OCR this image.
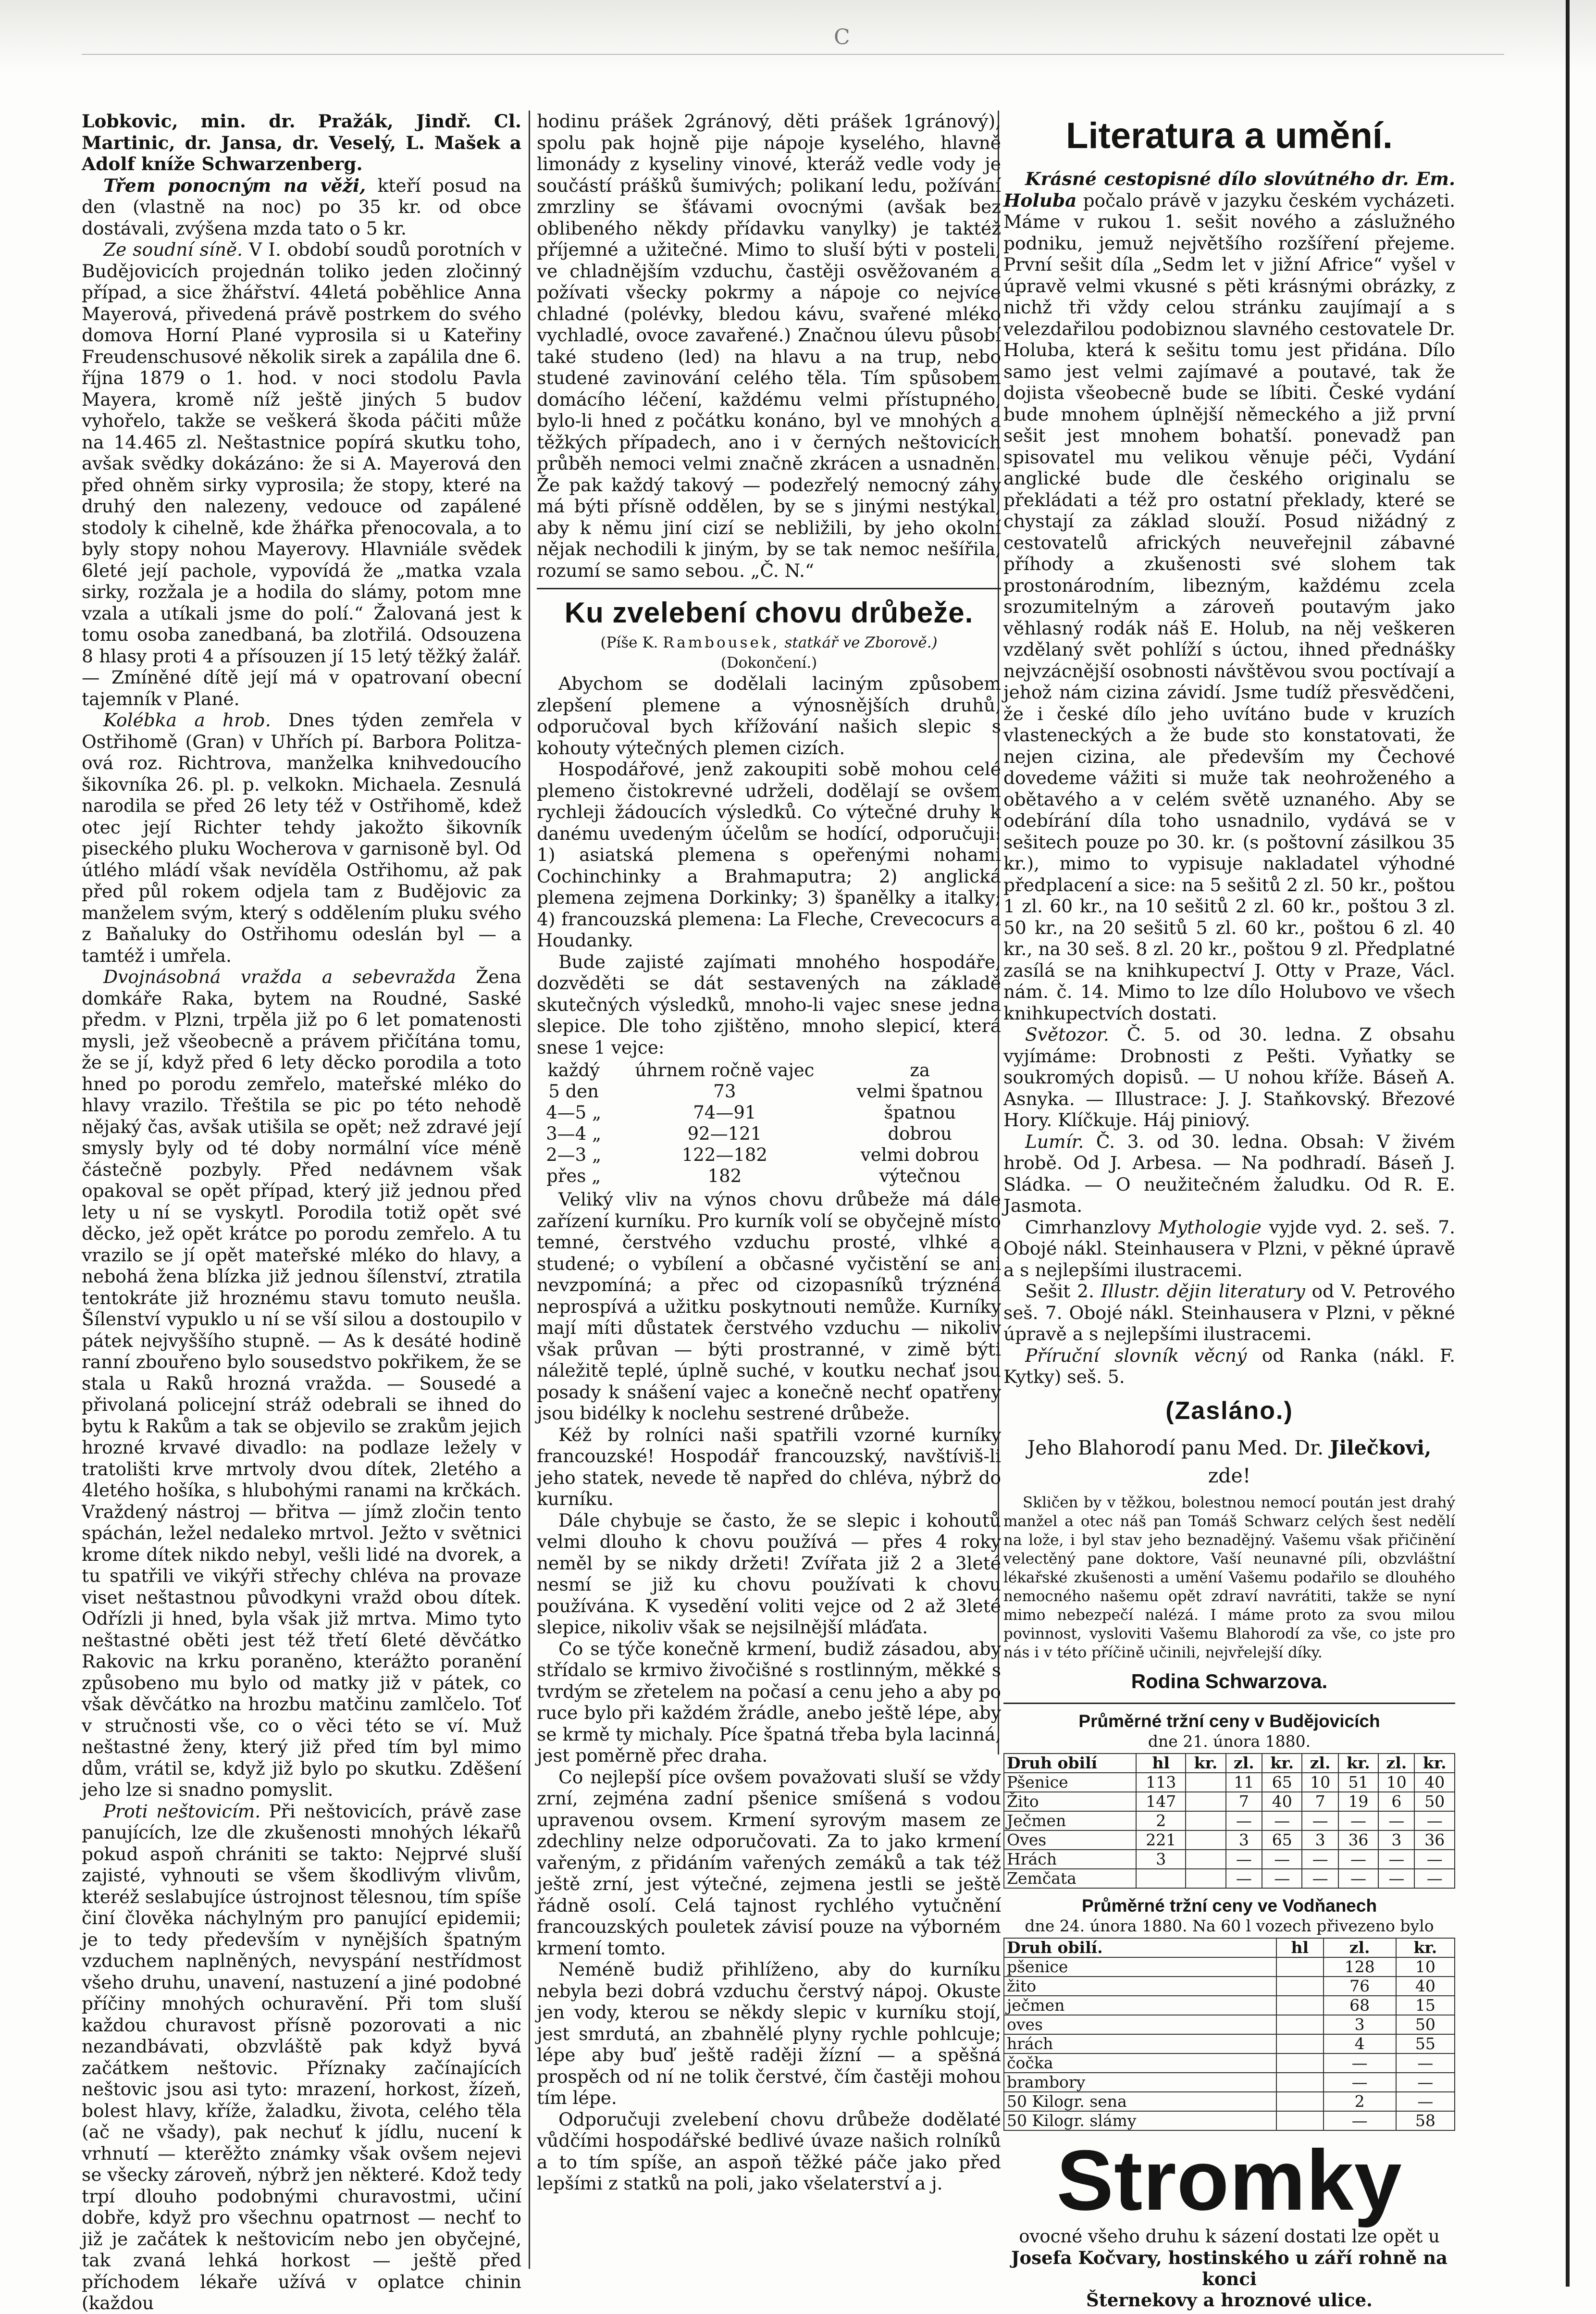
C

Lobkovic, min. dr. Pražák, Jindř. Cl. Martinic, dr. Jansa, dr. Veselý, L. Mašek a Adolf kníže Schwarzenberg.

Třem ponocným na věži, kteří posud na den (vlastně na noc) po 35 kr. od obce dostávali, zvýšena mzda tato o 5 kr.

Ze soudní síně. V I. období soudů porotních v Budějovicích projednán toliko jeden zločinný případ, a sice žhářství. 44letá poběhlice Anna Mayerová, přivedená právě postrkem do svého domova Horní Plané vyprosila si u Kateřiny Freudenschusové několik sirek a zapálila dne 6. října 1879 o 1. hod. v noci stodolu Pavla Mayera, kromě níž ještě jiných 5 budov vyhořelo, takže se veškerá škoda páčiti může na 14.465 zl. Neštastnice popírá skutku toho, avšak svědky dokázáno: že si A. Mayerová den před ohněm sirky vyprosila; že stopy, které na druhý den nalezeny, vedouce od zapálené stodoly k cihelně, kde žhářka přenocovala, a to byly stopy nohou Mayerovy. Hlavniále svědek 6leté její pachole, vypovídá že „matka vzala sirky, rozžala je a hodila do slámy, potom mne vzala a utíkali jsme do polí.“ Žalovaná jest k tomu osoba zanedbaná, ba zlotřilá. Odsouzena 8 hlasy proti 4 a přísouzen jí 15 letý těžký žalář. — Zmíněné dítě její má v opatrovaní obecní tajemník v Plané.

Kolébka a hrob. Dnes týden zemřela v Ostřihomě (Gran) v Uhřích pí. Barbora Politza-ová roz. Richtrova, manželka knihvedoucího šikovníka 26. pl. p. velkokn. Michaela. Zesnulá narodila se před 26 lety též v Ostřihomě, kdež otec její Richter tehdy jakožto šikovník piseckého pluku Wocherova v garnisoně byl. Od útlého mládí však nevíděla Ostřihomu, až pak před půl rokem odjela tam z Budějovic za manželem svým, který s oddělením pluku svého z Baňaluky do Ostřihomu odeslán byl — a tamtéž i umřela.

Dvojnásobná vražda a sebevražda Žena domkáře Raka, bytem na Roudné, Saské předm. v Plzni, trpěla již po 6 let pomatenosti mysli, jež všeobecně a právem přičítána tomu, že se jí, když před 6 lety děcko porodila a toto hned po porodu zemřelo, mateřské mléko do hlavy vrazilo. Třeštila se pic po této nehodě nějaký čas, avšak utišila se opět; než zdravé její smysly byly od té doby normální více méně částečně pozbyly. Před nedávnem však opakoval se opět případ, který již jednou před lety u ní se vyskytl. Porodila totiž opět své děcko, jež opět krátce po porodu zemřelo. A tu vrazilo se jí opět mateřské mléko do hlavy, a nebohá žena blízka již jednou šílenství, ztratila tentokráte již hroznému stavu tomuto neušla. Šílenství vypuklo u ní se vší silou a dostoupilo v pátek nejvyššího stupně. — As k desáté hodině ranní zbouřeno bylo sousedstvo pokřikem, že se stala u Raků hrozná vražda. — Sousedé a přivolaná policejní stráž odebrali se ihned do bytu k Rakům a tak se objevilo se zrakům jejich hrozné krvavé divadlo: na podlaze ležely v tratolišti krve mrtvoly dvou dítek, 2letého a 4letého hošíka, s hlubohými ranami na krčkách. Vraždený nástroj — břitva — jímž zločin tento spáchán, ležel nedaleko mrtvol. Ježto v světnici krome dítek nikdo nebyl, vešli lidé na dvorek, a tu spatřili ve vikýři střechy chléva na provaze viset neštastnou původkyni vražd obou dítek. Odřízli ji hned, byla však již mrtva. Mimo tyto neštastné oběti jest též třetí 6leté děvčátko Rakovic na krku poraněno, kterážto poranění způsobeno mu bylo od matky již v pátek, co však děvčátko na hrozbu matčinu zamlčelo. Toť v stručnosti vše, co o věci této se ví. Muž neštastné ženy, který již před tím byl mimo dům, vrátil se, když již bylo po skutku. Zděšení jeho lze si snadno pomyslit.

Proti neštovicím. Při neštovicích, právě zase panujících, lze dle zkušenosti mnohých lékařů pokud aspoň chrániti se takto: Nejprvé sluší zajisté, vyhnouti se všem škodlivým vlivům, kteréž seslabujíce ústrojnost tělesnou, tím spíše činí člověka náchylným pro panující epidemii; je to tedy především v nynějších špatným vzduchem naplněných, nevyspání nestřídmost všeho druhu, unavení, nastuzení a jiné podobné příčiny mnohých ochuravění. Při tom sluší každou churavost přísně pozorovati a nic nezandbávati, obzvláště pak když byvá začátkem neštovic. Příznaky začínajících neštovic jsou asi tyto: mrazení, horkost, žízeň, bolest hlavy, kříže, žaladku, života, celého těla (ač ne všady), pak nechuť k jídlu, nucení k vrhnutí — kterěžto známky však ovšem nejevi se všecky zároveň, nýbrž jen některé. Kdož tedy trpí dlouho podobnými churavostmi, učiní dobře, když pro všechnu opatrnost — nechť to již je začátek k neštovicím nebo jen obyčejné, tak zvaná lehká horkost — ještě před příchodem lékaře užívá v oplatce chinin (každou

hodinu prášek 2gránový, děti prášek 1gránový), spolu pak hojně pije nápoje kyselého, hlavně limonády z kyseliny vinové, kteráž vedle vody je součástí prášků šumivých; polikaní ledu, požívání zmrzliny se šťávami ovocnými (avšak bez oblibeného někdy přídavku vanylky) je taktéž příjemné a užitečné. Mimo to sluší býti v posteli, ve chladnějším vzduchu, častěji osvěžovaném a požívati všecky pokrmy a nápoje co nejvíce chladné (polévky, bledou kávu, svařené mléko vychladlé, ovoce zavařené.) Značnou úlevu působí také studeno (led) na hlavu a na trup, nebo studené zavinování celého těla. Tím spůsobem domácího léčení, každému velmi přístupného, bylo-li hned z počátku konáno, byl ve mnohých a těžkých případech, ano i v černých neštovicích průběh nemoci velmi značně zkrácen a usnadněn. Že pak každý takový — podezřelý nemocný záhy má býti přísně oddělen, by se s jinými nestýkal, aby k němu jiní cizí se nebližili, by jeho okolní nějak nechodili k jiným, by se tak nemoc nešířila, rozumí se samo sebou. „Č. N.“

Ku zvelebení chovu drůbeže.
(Píše K. Rambousek, statkář ve Zborově.)
(Dokončení.)

Abychom se dodělali laciným způsobem zlepšení plemene a výnosnějších druhů, odporučoval bych křížování našich slepic s kohouty výtečných plemen cizích.

Hospodářové, jenž zakoupiti sobě mohou celé plemeno čistokrevné udrželi, dodělají se ovšem rychleji žádoucích výsledků. Co výtečné druhy k danému uvedeným účelům se hodící, odporučuji: 1) asiatská plemena s opeřenými nohami Cochinchinky a Brahmaputra; 2) anglická plemena zejmena Dorkinky; 3) španělky a italky; 4) francouzská plemena: La Fleche, Crevecocurs a Houdanky.

Bude zajisté zajímati mnohého hospodáře, dozvěděti se dát sestavených na základě skutečných výsledků, mnoho-li vajec snese jedna slepice. Dle toho zjištěno, mnoho slepicí, která snese 1 vejce:

každý	úhrnem ročně vajec	za
5 den	73	velmi špatnou
4—5 „	74—91	špatnou
3—4 „	92—121	dobrou
2—3 „	122—182	velmi dobrou
přes „	182	výtečnou

Veliký vliv na výnos chovu drůbeže má dále zařízení kurníku. Pro kurník volí se obyčejně místo temné, čerstvého vzduchu prosté, vlhké a studené; o vybílení a občasné vyčistění se ani nevzpomíná; a přec od cizopasníků trýznéná neprospívá a užitku poskytnouti nemůže. Kurníky mají míti důstatek čerstvého vzduchu — nikoliv však průvan — býti prostranné, v zimě býti náležitě teplé, úplně suché, v koutku nechať jsou posady k snášení vajec a konečně nechť opatřeny jsou bidélky k noclehu sestrené drůbeže.

Kéž by rolníci naši spatřili vzorné kurníky francouzské! Hospodář francouzský, navštíviš-li jeho statek, nevede tě napřed do chléva, nýbrž do kurníku.

Dále chybuje se často, že se slepic i kohoutů velmi dlouho k chovu používá — přes 4 roky neměl by se nikdy držeti! Zvířata již 2 a 3leté nesmí se již ku chovu používati k chovu používána. K vysedění voliti vejce od 2 až 3leté slepice, nikoliv však se nejsilnější mláďata.

Co se týče konečně krmení, budiž zásadou, aby střídalo se krmivo živočišné s rostlinným, měkké s tvrdým se zřetelem na počasí a cenu jeho a aby po ruce bylo při každém žrádle, anebo ještě lépe, aby se krmě ty michaly. Píce špatná třeba byla lacinná, jest poměrně přec draha.

Co nejlepší píce ovšem považovati sluší se vždy zrní, zejména zadní pšenice smíšená s vodou upravenou ovsem. Krmení syrovým masem ze zdechliny nelze odporučovati. Za to jako krmení vařeným, z přidáním vařených zemáků a tak též ještě zrní, jest výtečné, zejmena jestli se ještě řádně osolí. Celá tajnost rychlého vytučnění francouzských pouletek závisí pouze na výborném krmení tomto.

Neméně budiž přihlíženo, aby do kurníku nebyla bezi dobrá vzduchu čerstvý nápoj. Okuste jen vody, kterou se někdy slepic v kurníku stojí, jest smrdutá, an zbahnělé plyny rychle pohlcuje; lépe aby buď ještě raději žízní — a spěšná prospěch od ní ne tolik čerstvé, čím častěji mohou tím lépe.

Odporučuji zvelebení chovu drůbeže dodělaté vůdčími hospodářské bedlivé úvaze našich rolníků a to tím spíše, an aspoň těžké páče jako před lepšími z statků na poli, jako všelaterství a j.

Literatura a umění.

Krásné cestopisné dílo slovútného dr. Em. Holuba počalo právě v jazyku českém vycházeti. Máme v rukou 1. sešit nového a záslužného podniku, jemuž největšího rozšíření přejeme. První sešit díla „Sedm let v jižní Africe“ vyšel v úpravě velmi vkusné s pěti krásnými obrázky, z nichž tři vždy celou stránku zaujímají a s velezdařilou podobiznou slavného cestovatele Dr. Holuba, která k sešitu tomu jest přidána. Dílo samo jest velmi zajímavé a poutavé, tak že dojista všeobecně bude se líbiti. České vydání bude mnohem úplnější německého a již první sešit jest mnohem bohatší. ponevadž pan spisovatel mu velikou věnuje péči, Vydání anglické bude dle českého originalu se překládati a též pro ostatní překlady, které se chystají za základ slouží. Posud nižádný z cestovatelů afrických neuveřejnil zábavné příhody a zkušenosti své slohem tak prostonárodním, libezným, každému zcela srozumitelným a zároveň poutavým jako věhlasný rodák náš E. Holub, na něj veškeren vzdělaný svět pohlíží s úctou, ihned přednášky nejvzácnější osobnosti návštěvou svou poctívají a jehož nám cizina závidí. Jsme tudíž přesvědčeni, že i české dílo jeho uvítáno bude v kruzích vlasteneckých a že bude sto konstatovati, že nejen cizina, ale především my Čechové dovedeme vážiti si muže tak neohroženého a obětavého a v celém světě uznaného. Aby se odebírání díla toho usnadnilo, vydává se v sešitech pouze po 30. kr. (s poštovní zásilkou 35 kr.), mimo to vypisuje nakladatel výhodné předplacení a sice: na 5 sešitů 2 zl. 50 kr., poštou 1 zl. 60 kr., na 10 sešitů 2 zl. 60 kr., poštou 3 zl. 50 kr., na 20 sešitů 5 zl. 60 kr., poštou 6 zl. 40 kr., na 30 seš. 8 zl. 20 kr., poštou 9 zl. Předplatné zasílá se na knihkupectví J. Otty v Praze, Václ. nám. č. 14. Mimo to lze dílo Holubovo ve všech knihkupectvích dostati.

Světozor. Č. 5. od 30. ledna. Z obsahu vyjímáme: Drobnosti z Pešti. Vyňatky se soukromých dopisů. — U nohou kříže. Báseň A. Asnyka. — Illustrace: J. J. Staňkovský. Březové Hory. Klíčkuje. Háj piniový.

Lumír. Č. 3. od 30. ledna. Obsah: V živém hrobě. Od J. Arbesa. — Na podhradí. Báseň J. Sládka. — O neužitečném žaludku. Od R. E. Jasmota.

Cimrhanzlovy Mythologie vyjde vyd. 2. seš. 7. Obojé nákl. Steinhausera v Plzni, v pěkné úpravě a s nejlepšími ilustracemi.

Sešit 2. Illustr. dějin literatury od V. Petrového seš. 7. Obojé nákl. Steinhausera v Plzni, v pěkné úpravě a s nejlepšími ilustracemi.

Příruční slovník věcný od Ranka (nákl. F. Kytky) seš. 5.

(Zasláno.)
Jeho Blahorodí panu Med. Dr. Jilečkovi, zde!
Skličen by v těžkou, bolestnou nemocí poután jest drahý manžel a otec náš pan Tomáš Schwarz celých šest nedělí na lože, i byl stav jeho beznadějný. Vašemu však přičinění velectěný pane doktore, Vaší neunavné píli, obzvláštní lékařské zkušenosti a umění Vašemu podařilo se dlouhého nemocného našemu opět zdraví navrátiti, takže se nyní mimo nebezpečí nalézá. I máme proto za svou milou povinnost, vysloviti Vašemu Blahorodí za vše, co jste pro nás i v této příčině učinili, nejvřelejší díky.
Rodina Schwarzova.
Průměrné tržní ceny v Budějovicích
dne 21. února 1880.
Druh obilí	hl	kr.	zl.	kr.	zl.	kr.	zl.	kr.
Pšenice	113		11	65	10	51	10	40
Žito	147		7	40	7	19	6	50
Ječmen	2		—	—	—	—	—	—
Oves	221		3	65	3	36	3	36
Hrách	3		—	—	—	—	—	—
Zemčata			—	—	—	—	—	—
Průměrné tržní ceny ve Vodňanech
dne 24. února 1880. Na 60 l vozech přivezeno bylo
Druh obilí.	hl	zl.	kr.
pšenice		128	10
žito		76	40
ječmen		68	15
oves		3	50
hrách		4	55
čočka		—	—
brambory		—	—
50 Kilogr. sena		2	—
50 Kilogr. slámy		—	58
Stromky
ovocné všeho druhu k sázení dostati lze opět u
Josefa Kočvary, hostinského u září rohně na konci
Šternekovy a hroznové ulice.
